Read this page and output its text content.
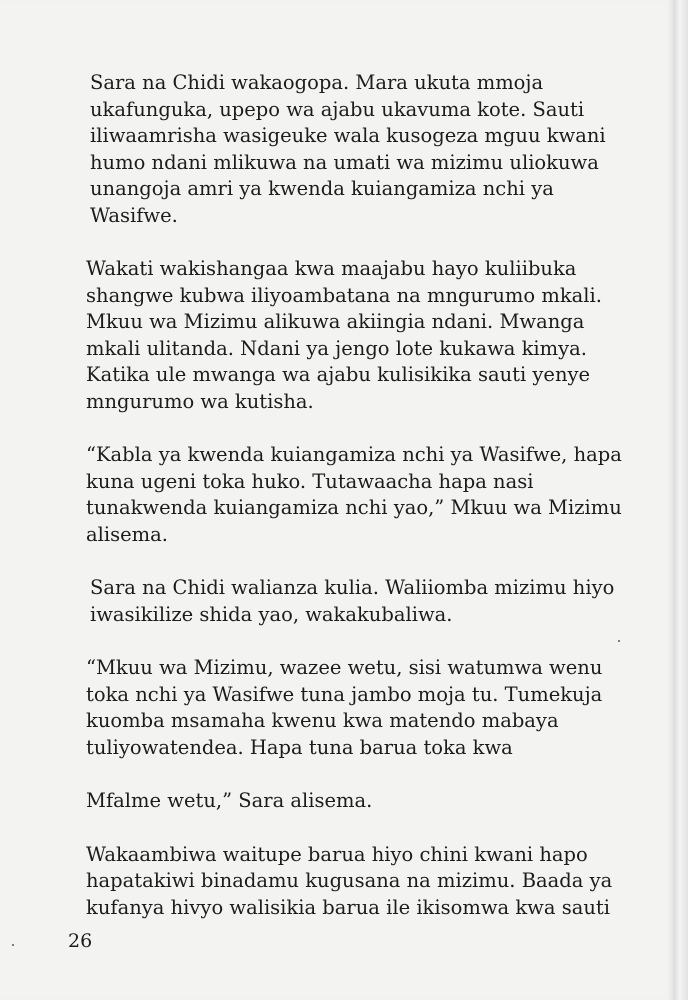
Sara na Chidi wakaogopa. Mara ukuta mmoja
ukafunguka, upepo wa ajabu ukavuma kote. Sauti
iliwaamrisha wasigeuke wala kusogeza mguu kwani
humo ndani mlikuwa na umati wa mizimu uliokuwa
unangoja amri ya kwenda kuiangamiza nchi ya
Wasifwe.

Wakati wakishangaa kwa maajabu hayo kuliibuka
shangwe kubwa iliyoambatana na mngurumo mkali.
Mkuu wa Mizimu alikuwa akiingia ndani. Mwanga
mkali ulitanda. Ndani ya jengo lote kukawa kimya.
Katika ule mwanga wa ajabu kulisikika sauti yenye
mngurumo wa kutisha.

“Kabla ya kwenda kuiangamiza nchi ya Wasifwe, hapa
kuna ugeni toka huko. Tutawaacha hapa nasi
tunakwenda kuiangamiza nchi yao,” Mkuu wa Mizimu
alisema.

Sara na Chidi walianza kulia. Waliiomba mizimu hiyo
iwasikilize shida yao, wakakubaliwa.

“Mkuu wa Mizimu, wazee wetu, sisi watumwa wenu
toka nchi ya Wasifwe tuna jambo moja tu. Tumekuja
kuomba msamaha kwenu kwa matendo mabaya
tuliyowatendea. Hapa tuna barua toka kwa

Mfalme wetu,” Sara alisema.

Wakaambiwa waitupe barua hiyo chini kwani hapo
hapatakiwi binadamu kugusana na mizimu. Baada ya
kufanya hivyo walisikia barua ile ikisomwa kwa sauti

26
